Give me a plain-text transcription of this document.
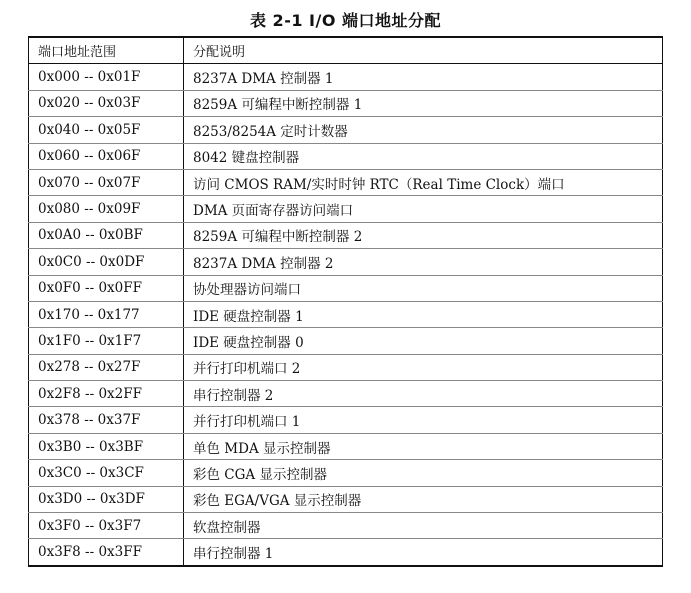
表 2-1 I/O 端口地址分配
端口地址范围	分配说明
0x000 -- 0x01F	8237A DMA 控制器 1
0x020 -- 0x03F	8259A 可编程中断控制器 1
0x040 -- 0x05F	8253/8254A 定时计数器
0x060 -- 0x06F	8042 键盘控制器
0x070 -- 0x07F	访问 CMOS RAM/实时时钟 RTC（Real Time Clock）端口
0x080 -- 0x09F	DMA 页面寄存器访问端口
0x0A0 -- 0x0BF	8259A 可编程中断控制器 2
0x0C0 -- 0x0DF	8237A DMA 控制器 2
0x0F0 -- 0x0FF	协处理器访问端口
0x170 -- 0x177	IDE 硬盘控制器 1
0x1F0 -- 0x1F7	IDE 硬盘控制器 0
0x278 -- 0x27F	并行打印机端口 2
0x2F8 -- 0x2FF	串行控制器 2
0x378 -- 0x37F	并行打印机端口 1
0x3B0 -- 0x3BF	单色 MDA 显示控制器
0x3C0 -- 0x3CF	彩色 CGA 显示控制器
0x3D0 -- 0x3DF	彩色 EGA/VGA 显示控制器
0x3F0 -- 0x3F7	软盘控制器
0x3F8 -- 0x3FF	串行控制器 1
